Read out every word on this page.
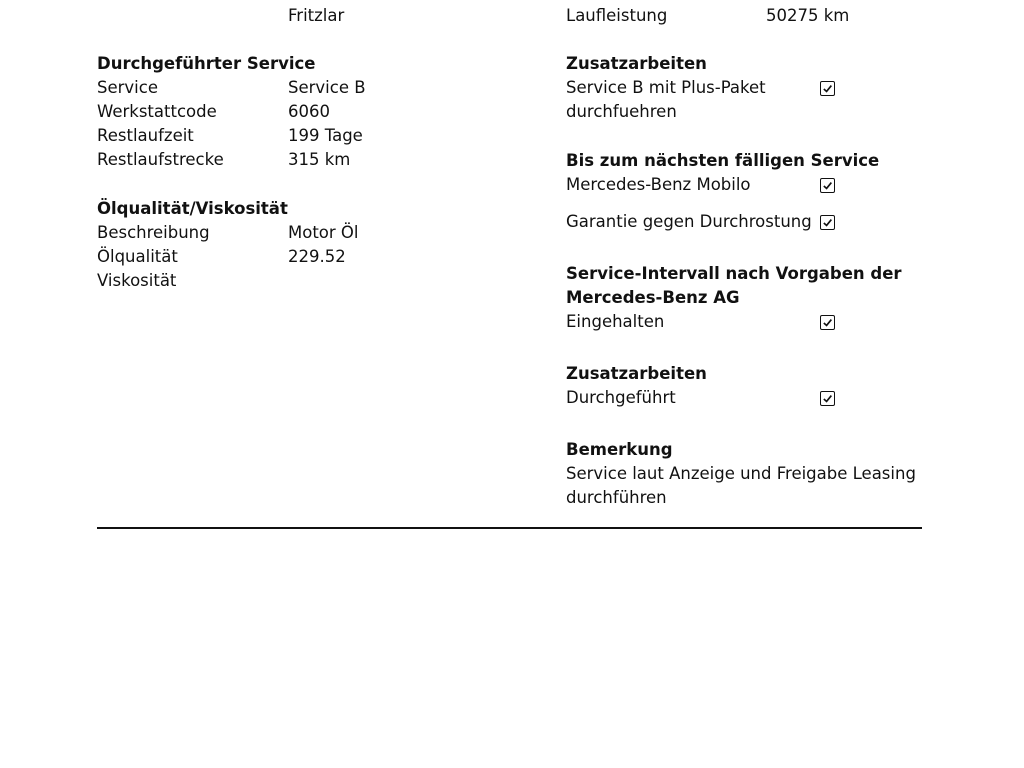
Fritzlar	Laufleistung	50275 km
Durchgeführter Service
Service	Service B
Werkstattcode	6060
Restlaufzeit	199 Tage
Restlaufstrecke	315 km
Ölqualität/Viskosität
Beschreibung	Motor Öl
Ölqualität	229.52
Viskosität
Zusatzarbeiten
Service B mit Plus-Paket
durchfuehren
Bis zum nächsten fälligen Service
Mercedes-Benz Mobilo
Garantie gegen Durchrostung
Service-Intervall nach Vorgaben der
Mercedes-Benz AG
Eingehalten
Zusatzarbeiten
Durchgeführt
Bemerkung
Service laut Anzeige und Freigabe Leasing
durchführen
